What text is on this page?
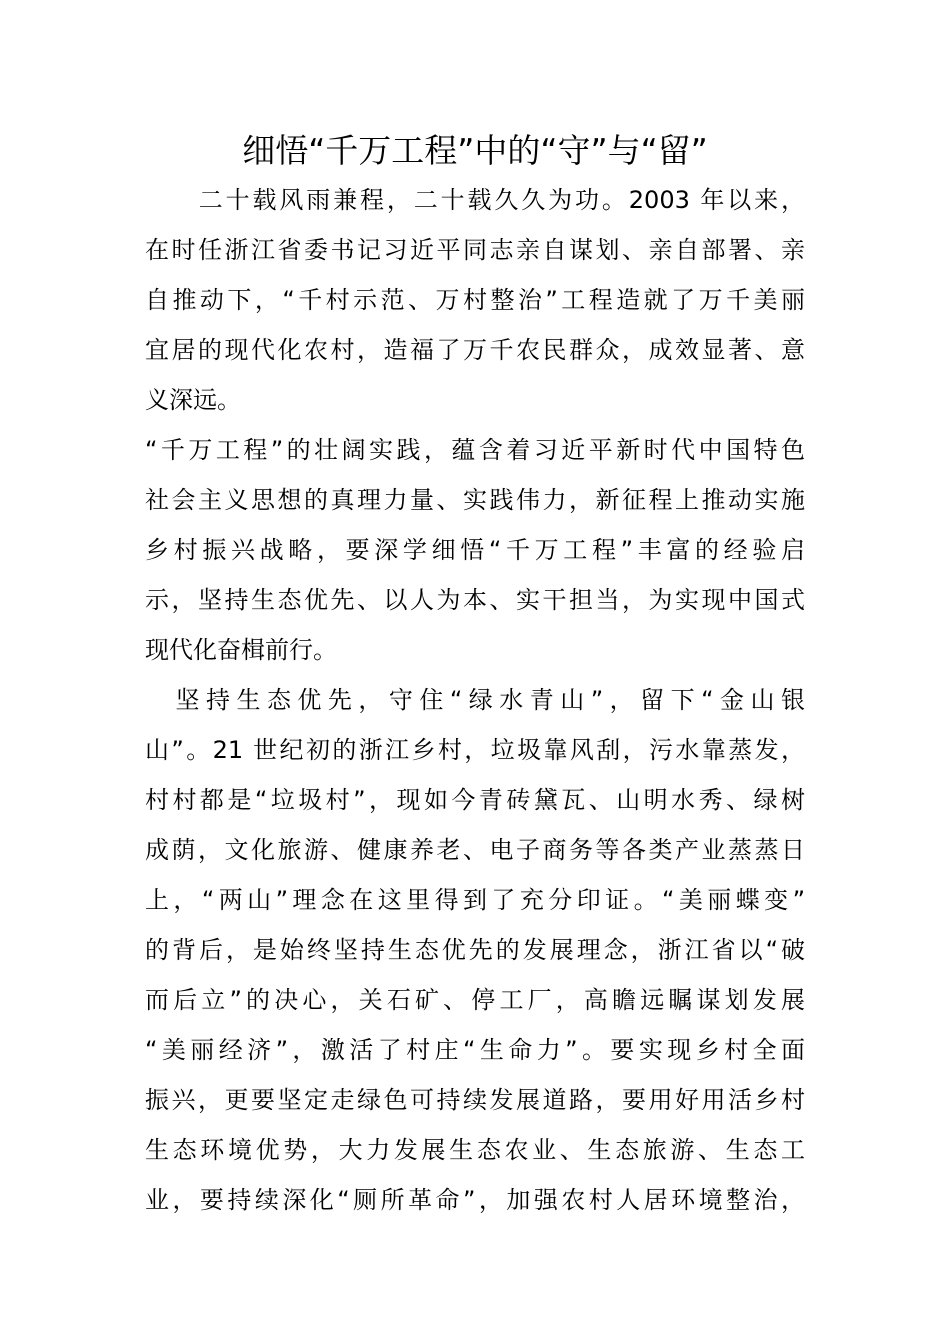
细悟“千万工程”中的“守”与“留”
　　二十载风雨兼程，二十载久久为功。2003 年以来，
在时任浙江省委书记习近平同志亲自谋划、亲自部署、亲
自推动下，“千村示范、万村整治”工程造就了万千美丽
宜居的现代化农村，造福了万千农民群众，成效显著、意
义深远。
“千万工程”的壮阔实践，蕴含着习近平新时代中国特色
社会主义思想的真理力量、实践伟力，新征程上推动实施
乡村振兴战略，要深学细悟“千万工程”丰富的经验启
示，坚持生态优先、以人为本、实干担当，为实现中国式
现代化奋楫前行。
　坚持生态优先，守住“绿水青山”，留下“金山银
山”。21 世纪初的浙江乡村，垃圾靠风刮，污水靠蒸发，
村村都是“垃圾村”，现如今青砖黛瓦、山明水秀、绿树
成荫，文化旅游、健康养老、电子商务等各类产业蒸蒸日
上，“两山”理念在这里得到了充分印证。“美丽蝶变”
的背后，是始终坚持生态优先的发展理念，浙江省以“破
而后立”的决心，关石矿、停工厂，高瞻远瞩谋划发展
“美丽经济”，激活了村庄“生命力”。要实现乡村全面
振兴，更要坚定走绿色可持续发展道路，要用好用活乡村
生态环境优势，大力发展生态农业、生态旅游、生态工
业，要持续深化“厕所革命”，加强农村人居环境整治，
